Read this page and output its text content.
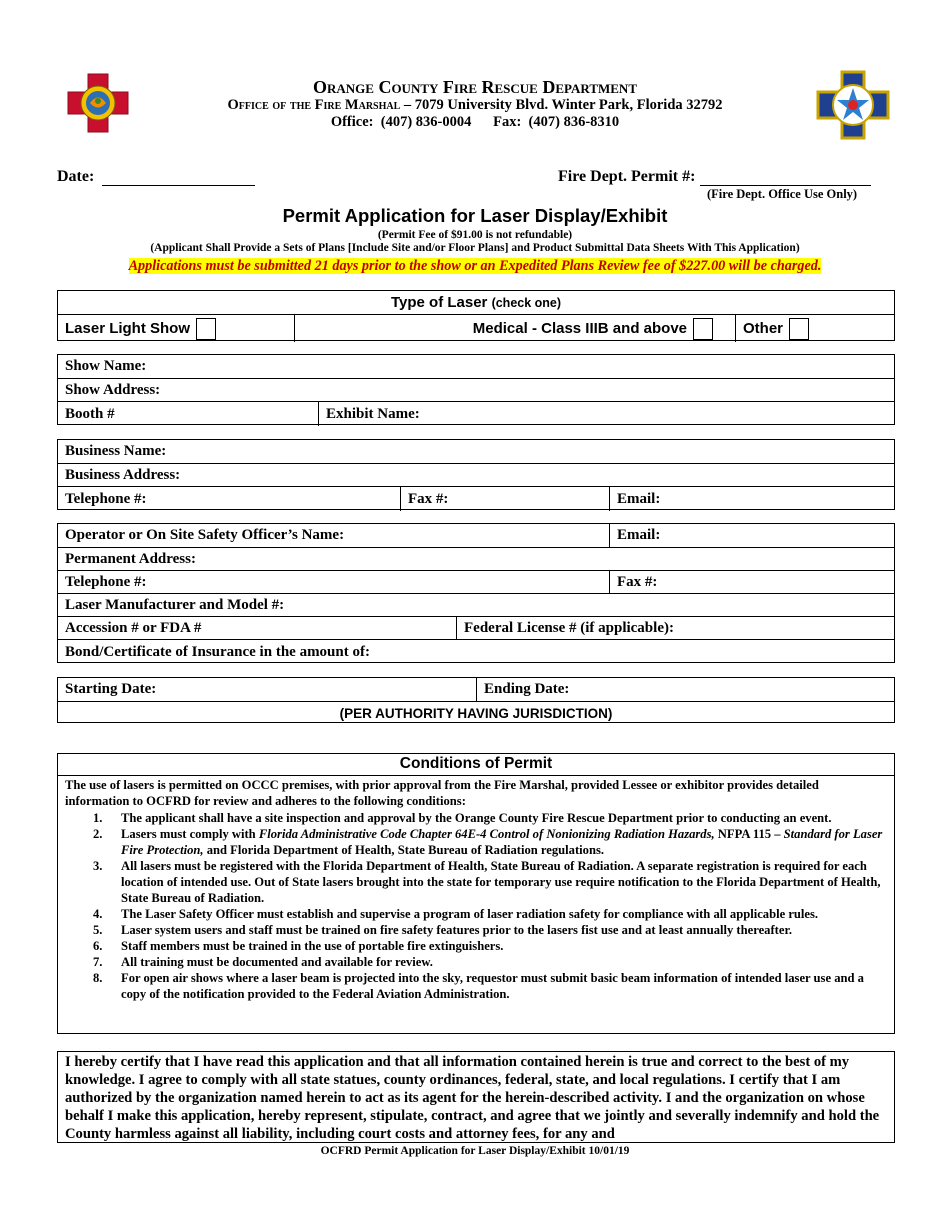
Orange County Fire Rescue Department
Office of the Fire Marshal – 7079 University Blvd. Winter Park, Florida 32792
Office:  (407) 836-0004      Fax:  (407) 836-8310
Date:	Fire Dept. Permit #:
(Fire Dept. Office Use Only)
Permit Application for Laser Display/Exhibit
(Permit Fee of $91.00 is not refundable)
(Applicant Shall Provide a Sets of Plans [Include Site and/or Floor Plans] and Product Submittal Data Sheets With This Application)
Applications must be submitted 21 days prior to the show or an Expedited Plans Review fee of $227.00 will be charged.
Type of Laser
(check one)
Laser Light Show	Medical - Class IIIB and above	Other
Show Name:
Show Address:
Booth #	Exhibit Name:
Business Name:
Business Address:
Telephone #:	Fax #:	Email:
Operator or On Site Safety Officer’s Name:	Email:
Permanent Address:
Telephone #:	Fax #:
Laser Manufacturer and Model #:
Accession # or FDA #	Federal License # (if applicable):
Bond/Certificate of Insurance in the amount of:
Starting Date:	Ending Date:
(PER AUTHORITY HAVING JURISDICTION)
Conditions of Permit
The use of lasers is permitted on OCCC premises, with prior approval from the Fire Marshal, provided Lessee or exhibitor provides detailed information to OCFRD for review and adheres to the following conditions:
1. The applicant shall have a site inspection and approval by the Orange County Fire Rescue Department prior to conducting an event.
2. Lasers must comply with Florida Administrative Code Chapter 64E-4 Control of Nonionizing Radiation Hazards, NFPA 115 – Standard for Laser Fire Protection, and Florida Department of Health, State Bureau of Radiation regulations.
3. All lasers must be registered with the Florida Department of Health, State Bureau of Radiation. A separate registration is required for each location of intended use. Out of State lasers brought into the state for temporary use require notification to the Florida Department of Health, State Bureau of Radiation.
4. The Laser Safety Officer must establish and supervise a program of laser radiation safety for compliance with all applicable rules.
5. Laser system users and staff must be trained on fire safety features prior to the lasers fist use and at least annually thereafter.
6. Staff members must be trained in the use of portable fire extinguishers.
7. All training must be documented and available for review.
8. For open air shows where a laser beam is projected into the sky, requestor must submit basic beam information of intended laser use and a copy of the notification provided to the Federal Aviation Administration.
I hereby certify that I have read this application and that all information contained herein is true and correct to the best of my knowledge. I agree to comply with all state statues, county ordinances, federal, state, and local regulations. I certify that I am authorized by the organization named herein to act as its agent for the herein-described activity. I and the organization on whose behalf I make this application, hereby represent, stipulate, contract, and agree that we jointly and severally indemnify and hold the County harmless against all liability, including court costs and attorney fees, for any and
OCFRD Permit Application for Laser Display/Exhibit 10/01/19
